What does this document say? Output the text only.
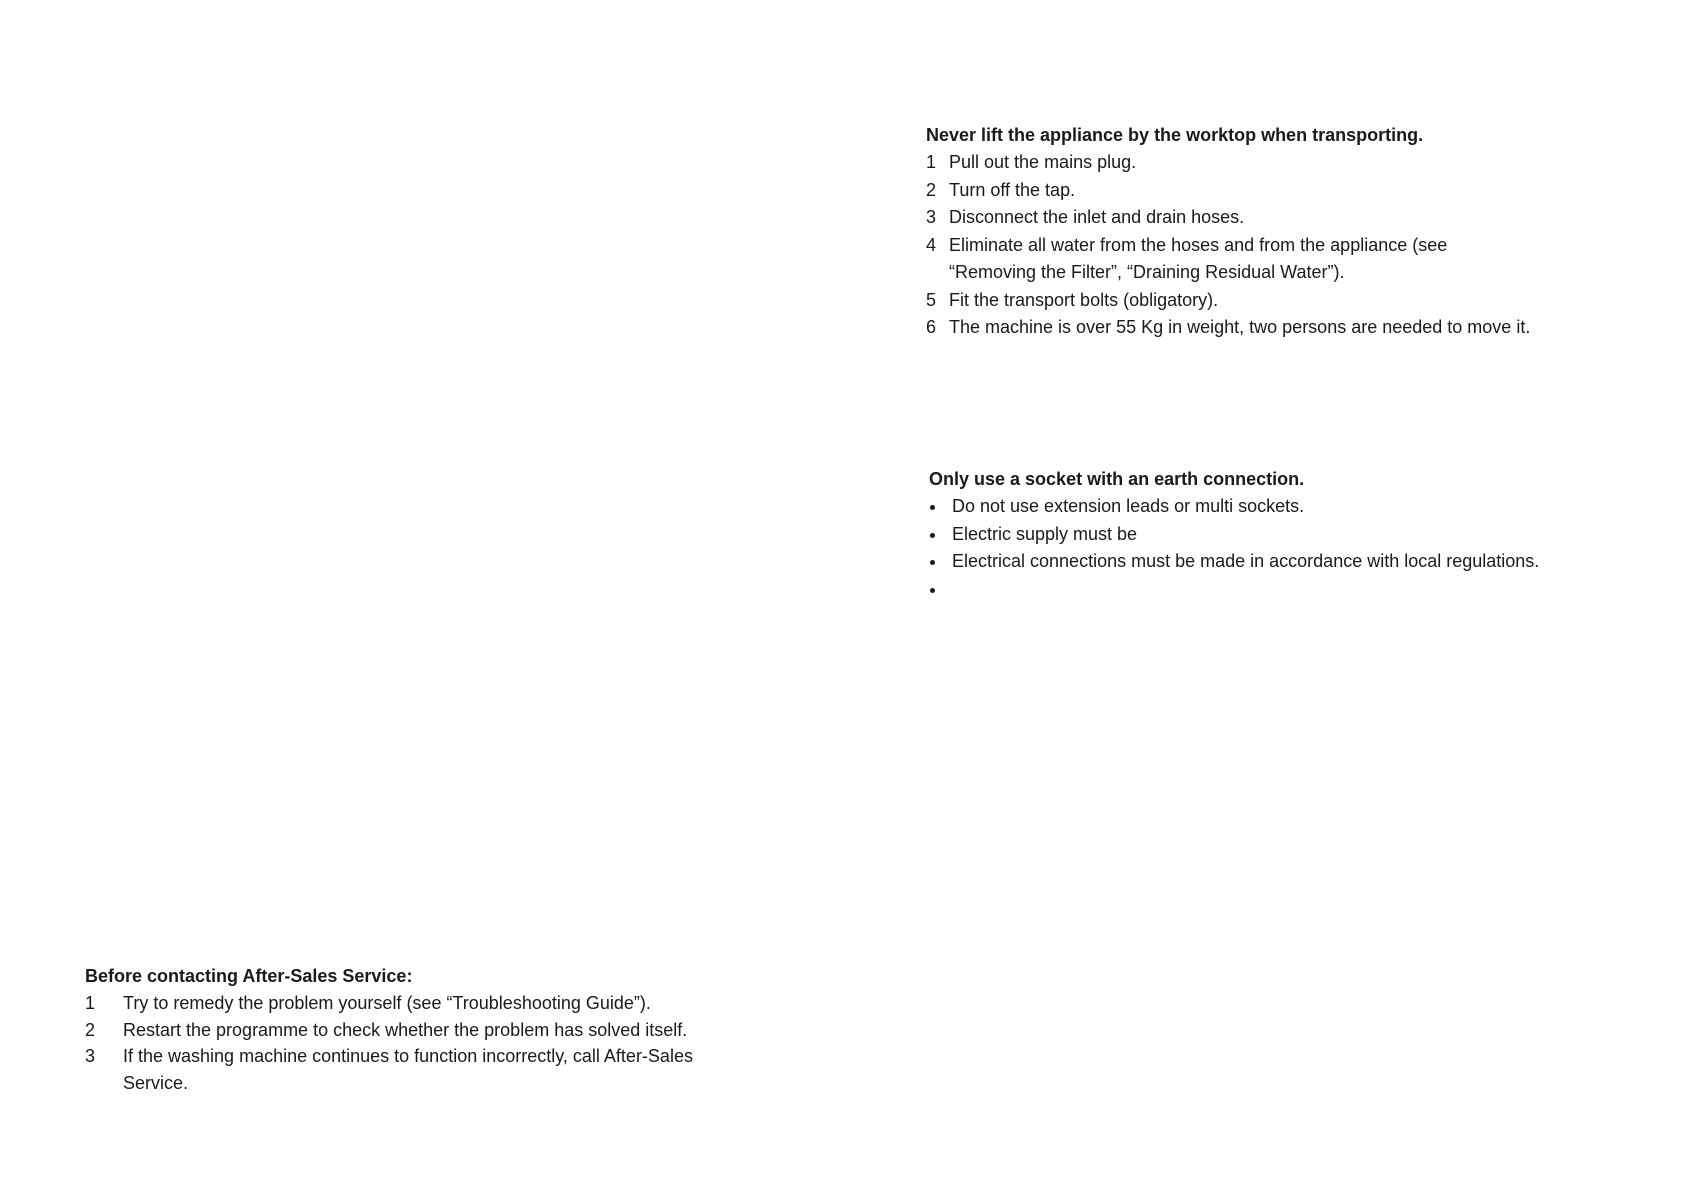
Never lift the appliance by the worktop when transporting.

1 Pull out the mains plug.
2 Turn off the tap.
3 Disconnect the inlet and drain hoses.
4 Eliminate all water from the hoses and from the appliance (see
“Removing the Filter”, “Draining Residual Water”).
5 Fit the transport bolts (obligatory).
6 The machine is over 55 Kg in weight, two persons are needed to move it.

Only use a socket with an earth connection.

Do not use extension leads or multi sockets.
Electric supply must be
Electrical connections must be made in accordance with local regulations.

Before contacting After-Sales Service:

1	Try to remedy the problem yourself (see “Troubleshooting Guide”).
2	Restart the programme to check whether the problem has solved itself.
3	If the washing machine continues to function incorrectly, call After-Sales
Service.
